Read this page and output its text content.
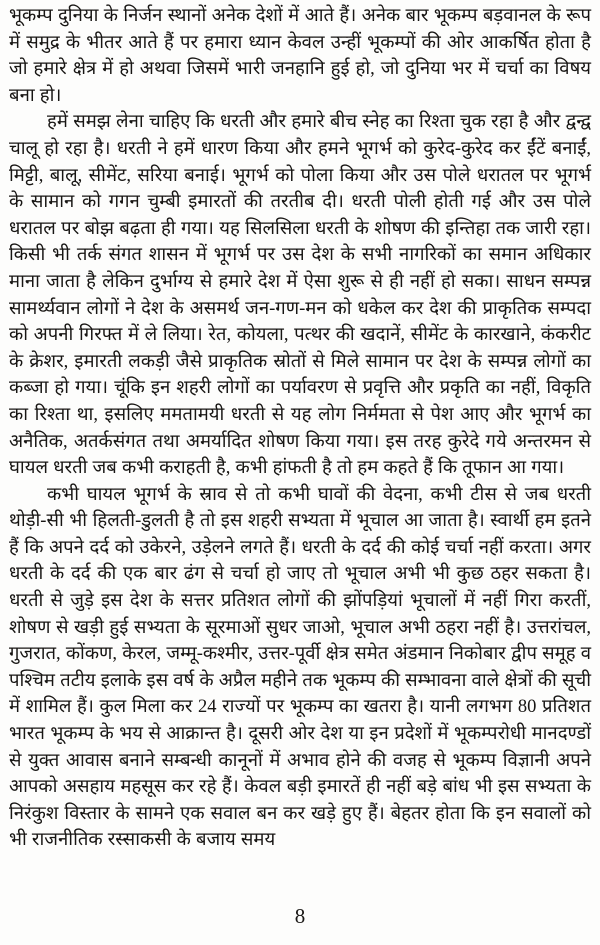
भूकम्प दुनिया के निर्जन स्थानों अनेक देशों में आते हैं। अनेक बार भूकम्प बड़वानल के रूप में समुद्र के भीतर आते हैं पर हमारा ध्यान केवल उन्हीं भूकम्पों की ओर आकर्षित होता है जो हमारे क्षेत्र में हो अथवा जिसमें भारी जनहानि हुई हो, जो दुनिया भर में चर्चा का विषय बना हो।

हमें समझ लेना चाहिए कि धरती और हमारे बीच स्नेह का रिश्ता चुक रहा है और द्वन्द्व चालू हो रहा है। धरती ने हमें धारण किया और हमने भूगर्भ को कुरेद-कुरेद कर ईंटें बनाईं, मिट्टी, बालू, सीमेंट, सरिया बनाई। भूगर्भ को पोला किया और उस पोले धरातल पर भूगर्भ के सामान को गगन चुम्बी इमारतों की तरतीब दी। धरती पोली होती गई और उस पोले धरातल पर बोझ बढ़ता ही गया। यह सिलसिला धरती के शोषण की इन्तिहा तक जारी रहा। किसी भी तर्क संगत शासन में भूगर्भ पर उस देश के सभी नागरिकों का समान अधिकार माना जाता है लेकिन दुर्भाग्य से हमारे देश में ऐसा शुरू से ही नहीं हो सका। साधन सम्पन्न सामर्थ्यवान लोगों ने देश के असमर्थ जन-गण-मन को धकेल कर देश की प्राकृतिक सम्पदा को अपनी गिरफ्त में ले लिया। रेत, कोयला, पत्थर की खदानें, सीमेंट के कारखाने, कंकरीट के क्रेशर, इमारती लकड़ी जैसे प्राकृतिक स्रोतों से मिले सामान पर देश के सम्पन्न लोगों का कब्जा हो गया। चूंकि इन शहरी लोगों का पर्यावरण से प्रवृत्ति और प्रकृति का नहीं, विकृति का रिश्ता था, इसलिए ममतामयी धरती से यह लोग निर्ममता से पेश आए और भूगर्भ का अनैतिक, अतर्कसंगत तथा अमर्यादित शोषण किया गया। इस तरह कुरेदे गये अन्तरमन से घायल धरती जब कभी कराहती है, कभी हांफती है तो हम कहते हैं कि तूफान आ गया।

कभी घायल भूगर्भ के स्राव से तो कभी घावों की वेदना, कभी टीस से जब धरती थोड़ी-सी भी हिलती-डुलती है तो इस शहरी सभ्यता में भूचाल आ जाता है। स्वार्थी हम इतने हैं कि अपने दर्द को उकेरने, उड़ेलने लगते हैं। धरती के दर्द की कोई चर्चा नहीं करता। अगर धरती के दर्द की एक बार ढंग से चर्चा हो जाए तो भूचाल अभी भी कुछ ठहर सकता है। धरती से जुड़े इस देश के सत्तर प्रतिशत लोगों की झोंपड़ियां भूचालों में नहीं गिरा करतीं, शोषण से खड़ी हुई सभ्यता के सूरमाओं सुधर जाओ, भूचाल अभी ठहरा नहीं है। उत्तरांचल, गुजरात, कोंकण, केरल, जम्मू-कश्मीर, उत्तर-पूर्वी क्षेत्र समेत अंडमान निकोबार द्वीप समूह व पश्चिम तटीय इलाके इस वर्ष के अप्रैल महीने तक भूकम्प की सम्भावना वाले क्षेत्रों की सूची में शामिल हैं। कुल मिला कर 24 राज्यों पर भूकम्प का खतरा है। यानी लगभग 80 प्रतिशत भारत भूकम्प के भय से आक्रान्त है। दूसरी ओर देश या इन प्रदेशों में भूकम्परोधी मानदण्डों से युक्त आवास बनाने सम्बन्धी कानूनों में अभाव होने की वजह से भूकम्प विज्ञानी अपने आपको असहाय महसूस कर रहे हैं। केवल बड़ी इमारतें ही नहीं बड़े बांध भी इस सभ्यता के निरंकुश विस्तार के सामने एक सवाल बन कर खड़े हुए हैं। बेहतर होता कि इन सवालों को भी राजनीतिक रस्साकसी के बजाय समय

8
